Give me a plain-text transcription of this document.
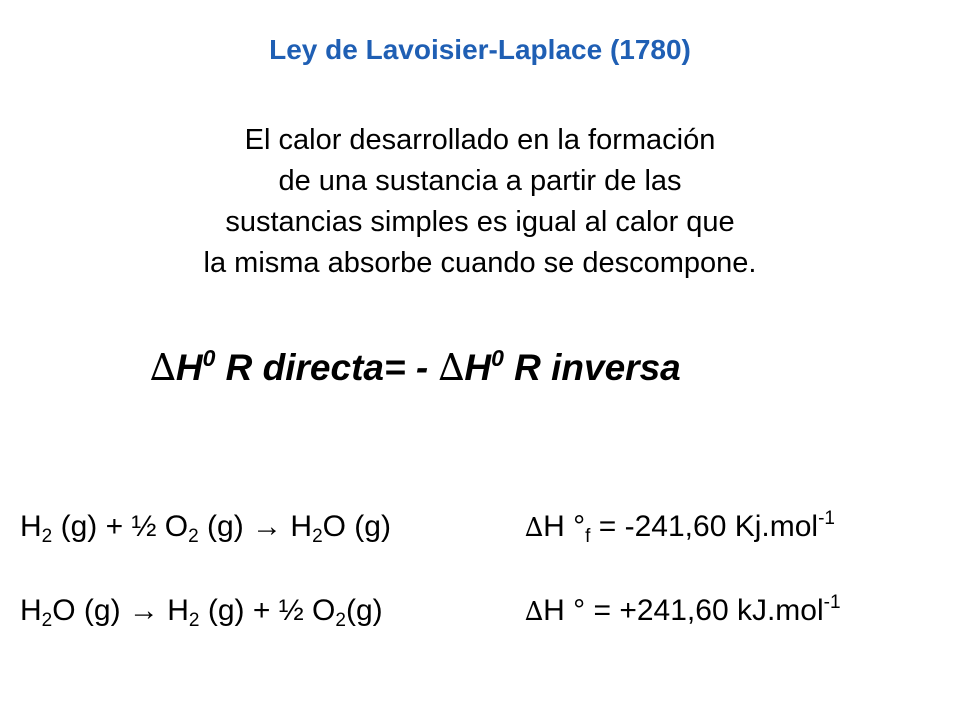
Ley de Lavoisier-Laplace (1780)
El calor desarrollado en la formación
de una sustancia a partir de las
sustancias simples es igual al calor que
la misma absorbe cuando se descompone.
$\Delta H^0$ R directa= - $\Delta H^0$ R inversa
$H_2$ (g) + ½ $O_2$ $(g) \to H_2O$ (g)	∆H $^\circ_f = -241,60$ Kj.mol$^{-1}$
$H_2O$ $(g) \to H_2$ (g) + ½ $O_2(g)$	∆H ° = +241,60 kJ.mol$^{-1}$
